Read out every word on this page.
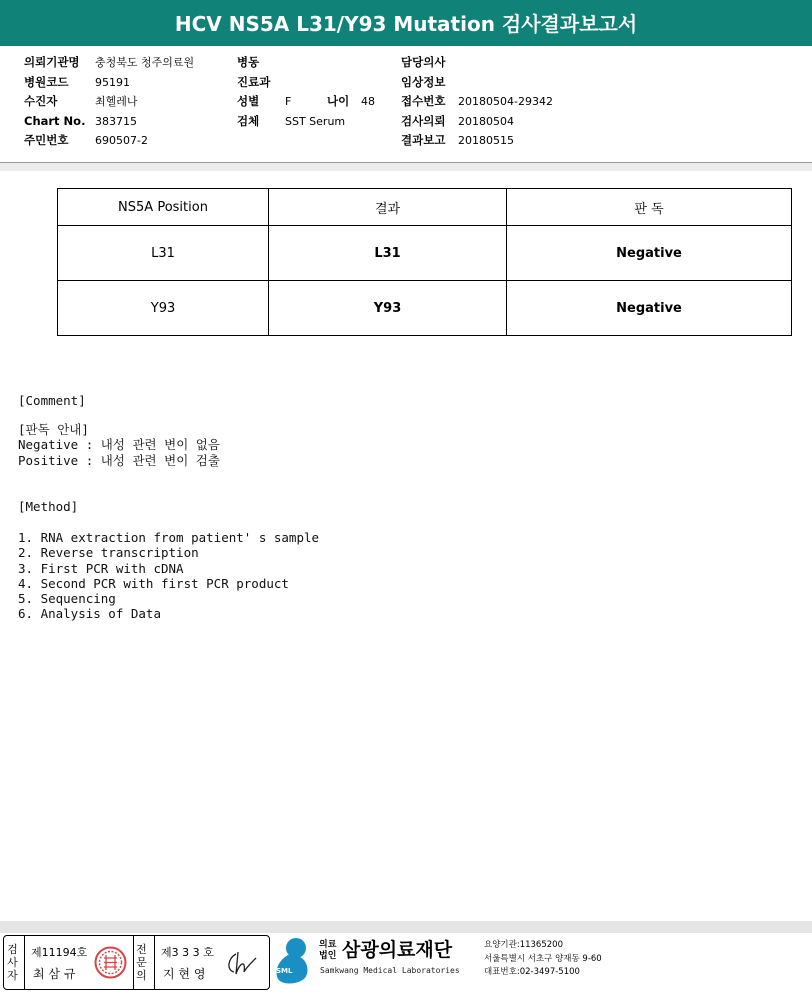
HCV NS5A L31/Y93 Mutation 검사결과보고서
의뢰기관명 충청북도 청주의료원
병원코드 95191
수진자	최헬레나
Chart No. 383715
주민번호 690507-2
병동
진료과
성별 F	나이 48
검체 SST Serum
담당의사
임상정보
접수번호 20180504-29342
검사의뢰 20180504
결과보고 20180515
NS5A Position	결과	판 독
L31	L31	Negative
Y93	Y93	Negative
[Comment]
[판독 안내]
Negative : 내성 관련 변이 없음
Positive : 내성 관련 변이 검출
[Method]
1. RNA extraction from patient' s sample
2. Reverse transcription
3. First PCR with cDNA
4. Second PCR with first PCR product
5. Sequencing
6. Analysis of Data
검사자
제11194호
최 삼 규
전문의
제3 3 3 호
지 현 영	SML
의료
법인 삼광의료재단
Samkwang Medical Laboratories
요양기관:11365200
서울특별시 서초구 양재동 9-60
대표번호:02-3497-5100
